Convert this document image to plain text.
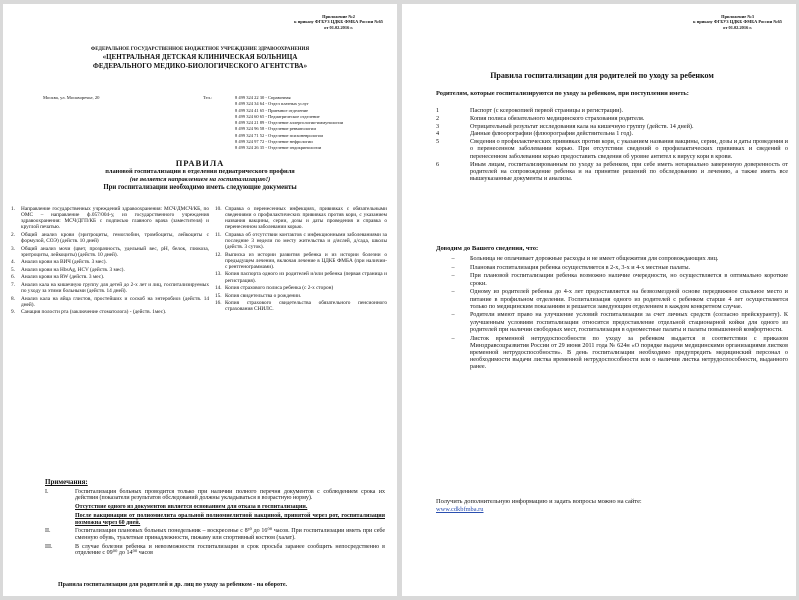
Приложение №2
к приказу ФГБУЗ ЦДКБ ФМБА России №65
от 01.02.2016 г.
ФЕДЕРАЛЬНОЕ ГОСУДАРСТВЕННОЕ БЮДЖЕТНОЕ УЧРЕЖДЕНИЕ ЗДРАВООХРАНЕНИЯ
«ЦЕНТРАЛЬНАЯ ДЕТСКАЯ КЛИНИЧЕСКАЯ БОЛЬНИЦА
ФЕДЕРАЛЬНОГО МЕДИКО-БИОЛОГИЧЕСКОГО АГЕНТСТВА»
Москва, ул. Москворечье, 20	Тел.:	8 499 324 22 30 - Справочная
8 499 324 34 64 - Отдел платных услуг
8 499 324 41 65 - Приемное отделение
8 499 324 60 65 - Педиатрическое отделение
8 499 324 21 89 - Отделение аллергологии-иммунологии
8 499 324 96 58 - Отделение ревматологии
8 499 324 71 52 - Отделение психоневрологии
8 499 324 97 72 - Отделение нефрологии
8 499 324 26 35 - Отделение эндокринологии
ПРАВИЛА
плановой госпитализации в отделения педиатрического профиля
(не является направлением на госпитализацию!)
При госпитализации необходимо иметь следующие документы
1.	Направление государственных учреждений здравоохранения: МСЧ/ДМСЧ/КБ, по ОМС – направление ф.057/004-у, из государственного учреждения здравоохранения: МСЧ/ДГП/КБ с подписью главного врача (заместителя) и круглой печатью.
2.	Общий анализ крови (эритроциты, гемоглобин, тромбоциты, лейкоциты с формулой, СОЭ) (действ. 10 дней)
3.	Общий анализ мочи (цвет, прозрачность, удельный вес, pH, белок, глюкоза, эритроциты, лейкоциты) (действ. 10 дней).
4.	Анализ крови на ВИЧ (действ. 3 мес).
5.	Анализ крови на HbsAg, HCV (действ. 3 мес).
6.	Анализ крови на RW (действ. 3 мес).
7.	Анализ кала на кишечную группу для детей до 2-х лет и лиц, госпитализируемых по уходу за этими больными (действ. 14 дней).
8.	Анализ кала на яйца глистов, простейших и соскоб на энтеробиоз (действ. 14 дней).
9.	Санация полости рта (заключение стоматолога) - (действ. 1мес).
10. Справка о перенесенных инфекциях, прививках с обязательными сведениями о профилактических прививках против кори, с указанием названия вакцины, серии, дозы и даты проведения и справка о перенесенном заболевании корью.
11. Справка об отсутствии контактов с инфекционными заболеваниями за последние 3 недели по месту жительства и д/яслей, д/сада, школы (действ. 3 суток).
12. Выписка из истории развития ребенка и из истории болезни о предыдущем лечении, включая лечение в ЦДКБ ФМБА (при наличии- с рентгенограммами).
13. Копия паспорта одного из родителей и/или ребенка (первая страница и регистрация).
14. Копия страхового полиса ребенка (с 2-х сторон)
15. Копия свидетельства о рождении.
16. Копия страхового свидетельства обязательного пенсионного страхования СНИЛС.
Примечания:
I.	Госпитализация больных проводится только при наличии полного перечня документов с соблюдением срока их действия (показатели результатов обследований должны укладываться в возрастную норму).
Отсутствие одного из документов является основанием для отказа в госпитализации.
После вакцинации от полиомиелита оральной полиомиелитной вакциной, принятой через рот, госпитализация возможна через 60 дней.
II.	Госпитализация плановых больных понедельник – воскресенье с 8³⁰ до 16⁰⁰ часов. При госпитализации иметь при себе сменную обувь, туалетные принадлежности, пижаму или спортивный костюм (халат).
III.	В случае болезни ребенка и невозможности госпитализации в срок просьба заранее сообщить непосредственно в отделение с 09⁰⁰ до 14⁰⁰ часов
Правила госпитализации для родителей и др. лиц по уходу за ребенком - на обороте.
Приложение №3
к приказу ФГБУЗ ЦДКБ ФМБА России №65
от 01.02.2016 г.
Правила госпитализации для родителей по уходу за ребенком
Родителям, которые госпитализируются по уходу за ребенком, при поступлении иметь:
1	Паспорт (с ксерокопией первой страницы и регистрации).
2	Копия полиса обязательного медицинского страхования родителя.
3	Отрицательный результат исследования кала на кишечную группу (действ. 14 дней).
4	Данные флюорографии (флюорография действительна 1 год).
5	Сведения о профилактических прививках против кори, с указанием названия вакцины, серии, дозы и даты проведения и о перенесенном заболевании корью. При отсутствии сведений о профилактических прививках и сведений о перенесенном заболевании корью предоставить сведения об уровне антител к вирусу кори в крови.
6	Иным лицам, госпитализированным по уходу за ребенком, при себе иметь нотариально заверенную доверенность от родителей на сопровождение ребенка и на принятие решений по обследованию и лечению, а также иметь все вышеуказанные документы и анализы.
Доводим до Вашего сведения, что:
–	Больница не оплачивает дорожные расходы и не имеет общежития для сопровождающих лиц.
–	Плановая госпитализация ребенка осуществляется в 2-х, 3-х и 4-х местные палаты.
–	При плановой госпитализации ребенка возможно наличие очередности, но осуществляется в оптимально короткие сроки.
–	Одному из родителей ребенка до 4-х лет предоставляется на безвозмездной основе передвижное спальное место и питание в профильном отделении. Госпитализация одного из родителей с ребенком старше 4 лет осуществляется только по медицинским показаниям и решается заведующим отделением в каждом конкретном случае.
–	Родители имеют право на улучшение условий госпитализации за счет личных средств (согласно прейскуранту). К улучшенным условиям госпитализации относится предоставление отдельной стационарной койки для одного из родителей при наличии свободных мест, госпитализация в одноместные палаты и палаты повышенной комфортности.
–	Листок временной нетрудоспособности по уходу за ребенком выдается в соответствии с приказом Минздравсоцразвития России от 29 июня 2011 года № 624н «О порядке выдачи медицинскими организациями листков временной нетрудоспособности». В день госпитализации необходимо предупредить медицинский персонал о необходимости выдачи листка временной нетрудоспособности или о наличии листка нетрудоспособности, выданного ранее.
Получить дополнительную информацию и задать вопросы можно на сайте:
www.cdkbfmba.ru
